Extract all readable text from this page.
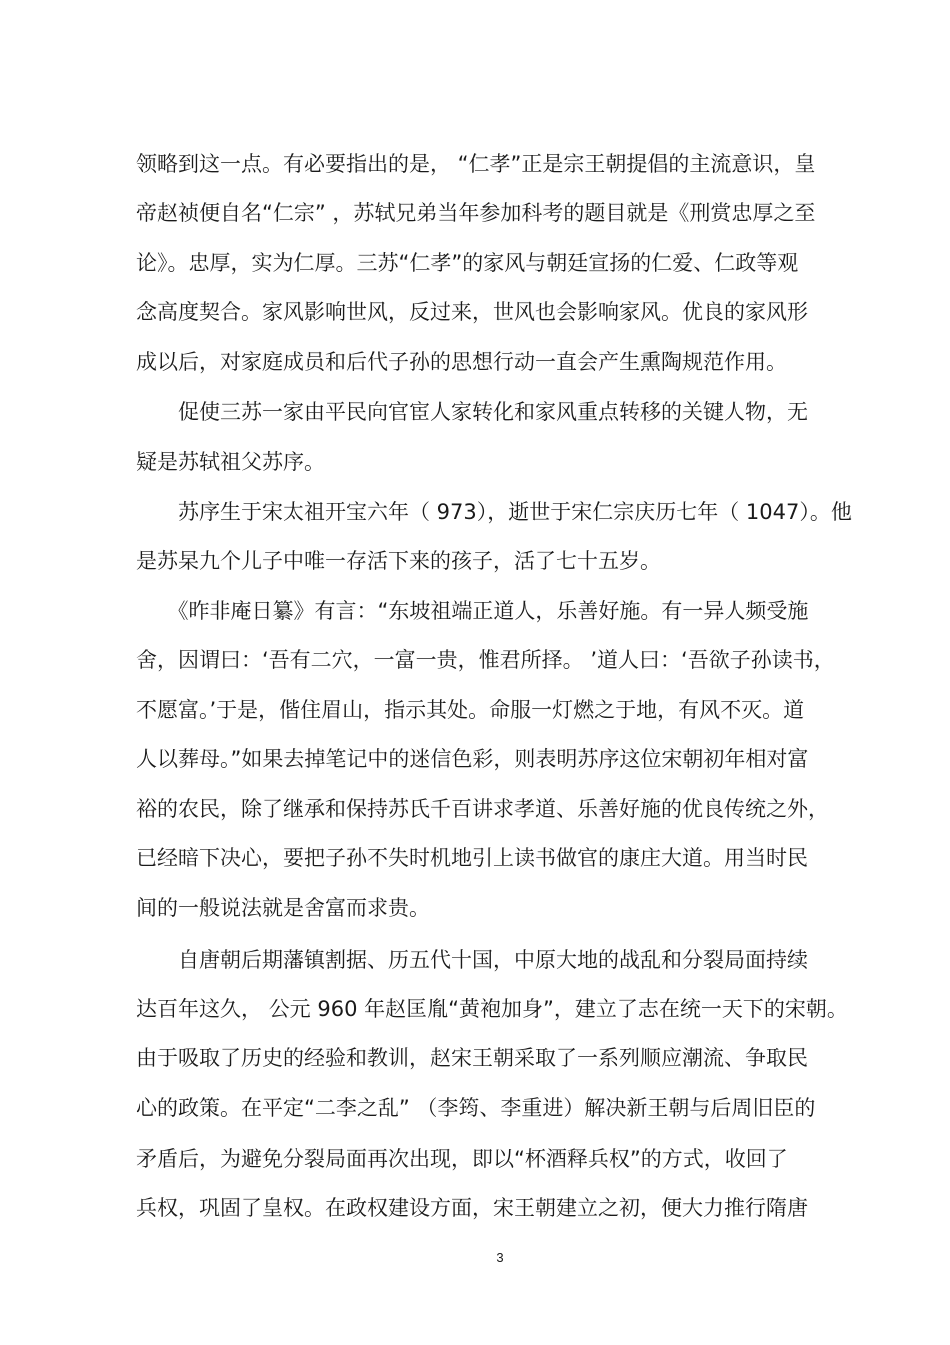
领略到这一点。有必要指出的是， “仁孝”正是宗王朝提倡的主流意识，皇
帝赵祯便自名“仁宗” ，苏轼兄弟当年参加科考的题目就是《刑赏忠厚之至
论》。忠厚，实为仁厚。三苏“仁孝”的家风与朝廷宣扬的仁爱、仁政等观
念高度契合。家风影响世风，反过来，世风也会影响家风。优良的家风形
成以后，对家庭成员和后代子孙的思想行动一直会产生熏陶规范作用。
　　促使三苏一家由平民向官宦人家转化和家风重点转移的关键人物，无
疑是苏轼祖父苏序。
　　苏序生于宋太祖开宝六年（ 973），逝世于宋仁宗庆历七年（ 1047）。他
是苏杲九个儿子中唯一存活下来的孩子，活了七十五岁。
　　《昨非庵日纂》有言：“东坡祖端正道人，乐善好施。有一异人频受施
舍，因谓曰：‘吾有二穴，一富一贵，惟君所择。 ’道人曰：‘吾欲子孙读书，
不愿富。’于是，偕住眉山，指示其处。命服一灯燃之于地，有风不灭。道
人以葬母。”如果去掉笔记中的迷信色彩，则表明苏序这位宋朝初年相对富
裕的农民，除了继承和保持苏氏千百讲求孝道、乐善好施的优良传统之外，
已经暗下决心，要把子孙不失时机地引上读书做官的康庄大道。用当时民
间的一般说法就是舍富而求贵。
　　自唐朝后期藩镇割据、历五代十国，中原大地的战乱和分裂局面持续
达百年这久， 公元 960 年赵匡胤“黄袍加身”，建立了志在统一天下的宋朝。
由于吸取了历史的经验和教训，赵宋王朝采取了一系列顺应潮流、争取民
心的政策。在平定“二李之乱” （李筠、李重进）解决新王朝与后周旧臣的
矛盾后，为避免分裂局面再次出现，即以“杯酒释兵权”的方式，收回了
兵权，巩固了皇权。在政权建设方面，宋王朝建立之初，便大力推行隋唐
3
